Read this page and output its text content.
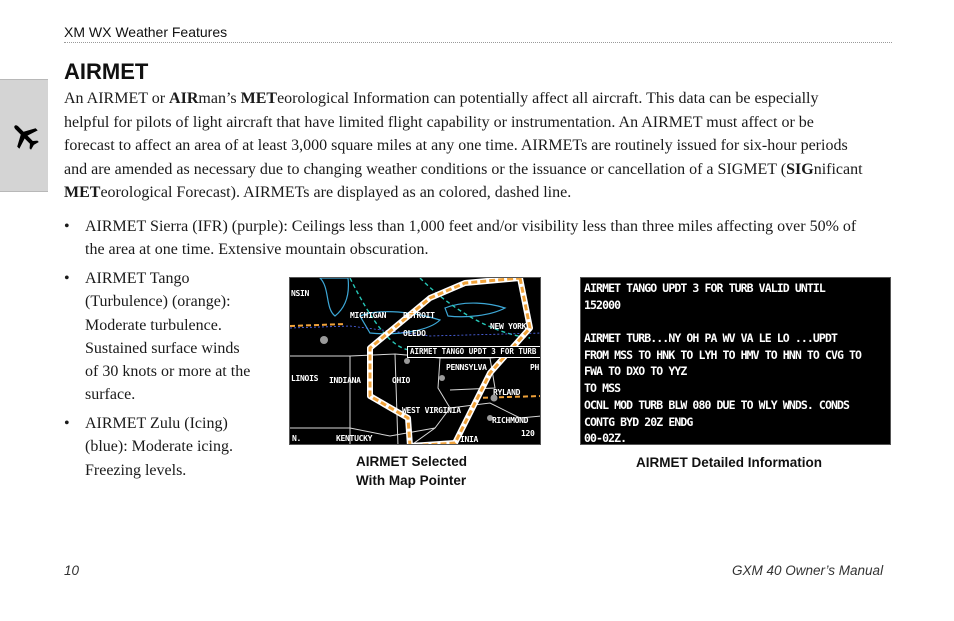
XM WX Weather Features
AIRMET
An AIRMET or AIRman’s METeorological Information can potentially affect all aircraft. This data can be especially
helpful for pilots of light aircraft that have limited flight capability or instrumentation. An AIRMET must affect or be
forecast to affect an area of at least 3,000 square miles at any one time. AIRMETs are routinely issued for six-hour periods
and are amended as necessary due to changing weather conditions or the issuance or cancellation of a SIGMET (SIGnificant
METeorological Forecast). AIRMETs are displayed as an colored, dashed line.
• AIRMET Sierra (IFR) (purple): Ceilings less than 1,000 feet and/or visibility less than three miles affecting over 50% of
the area at one time. Extensive mountain obscuration.
• AIRMET Tango
(Turbulence) (orange):
Moderate turbulence.
Sustained surface winds
of 30 knots or more at the
surface.
• AIRMET Zulu (Icing)
(blue): Moderate icing.
Freezing levels.
NSIN
MICHIGAN DETROIT
OLEDO
NEW YORK
LINOIS INDIANA	OHIO
PENNSYLVA	PH
RYLAND
WEST VIRGINIA
RICHMOND
KENTUCKY	INIA
120
N.
AIRMET TANGO UPDT 3 FOR TURB
AIRMET Selected
With Map Pointer
AIRMET TANGO UPDT 3 FOR TURB VALID UNTIL
152000
AIRMET TURB...NY OH PA WV VA LE LO ...UPDT
FROM MSS TO HNK TO LYH TO HMV TO HNN TO CVG TO
FWA TO DXO TO YYZ
TO MSS
OCNL MOD TURB BLW 080 DUE TO WLY WNDS. CONDS
CONTG BYD 20Z ENDG
00-02Z.
AIRMET Detailed Information
10	GXM 40 Owner’s Manual
